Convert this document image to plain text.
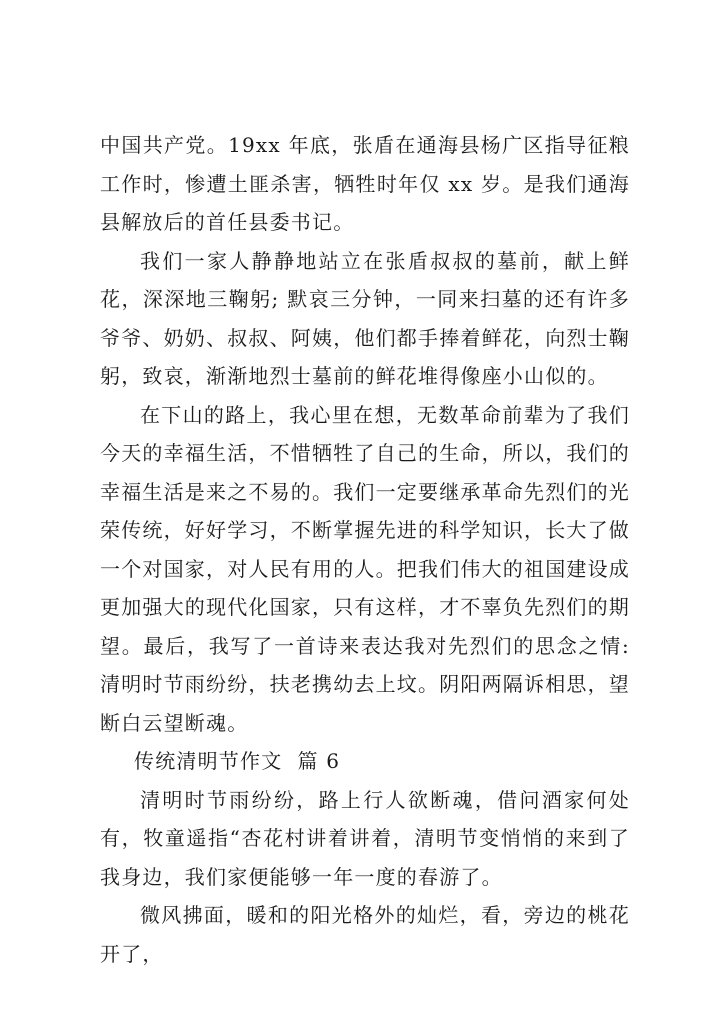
中国共产党。19xx 年底，张盾在通海县杨广区指导征粮工作时，惨遭土匪杀害，牺牲时年仅 xx 岁。是我们通海县解放后的首任县委书记。

我们一家人静静地站立在张盾叔叔的墓前，献上鲜花，深深地三鞠躬; 默哀三分钟，一同来扫墓的还有许多爷爷、奶奶、叔叔、阿姨，他们都手捧着鲜花，向烈士鞠躬，致哀，渐渐地烈士墓前的鲜花堆得像座小山似的。

在下山的路上，我心里在想，无数革命前辈为了我们今天的幸福生活，不惜牺牲了自己的生命，所以，我们的幸福生活是来之不易的。我们一定要继承革命先烈们的光荣传统，好好学习，不断掌握先进的科学知识，长大了做一个对国家，对人民有用的人。把我们伟大的祖国建设成更加强大的现代化国家，只有这样，才不辜负先烈们的期望。最后，我写了一首诗来表达我对先烈们的思念之情: 清明时节雨纷纷，扶老携幼去上坟。阴阳两隔诉相思，望断白云望断魂。

传统清明节作文  篇 6

清明时节雨纷纷，路上行人欲断魂，借问酒家何处有，牧童遥指“杏花村讲着讲着，清明节变悄悄的来到了我身边，我们家便能够一年一度的春游了。

微风拂面，暖和的阳光格外的灿烂，看，旁边的桃花开了，
